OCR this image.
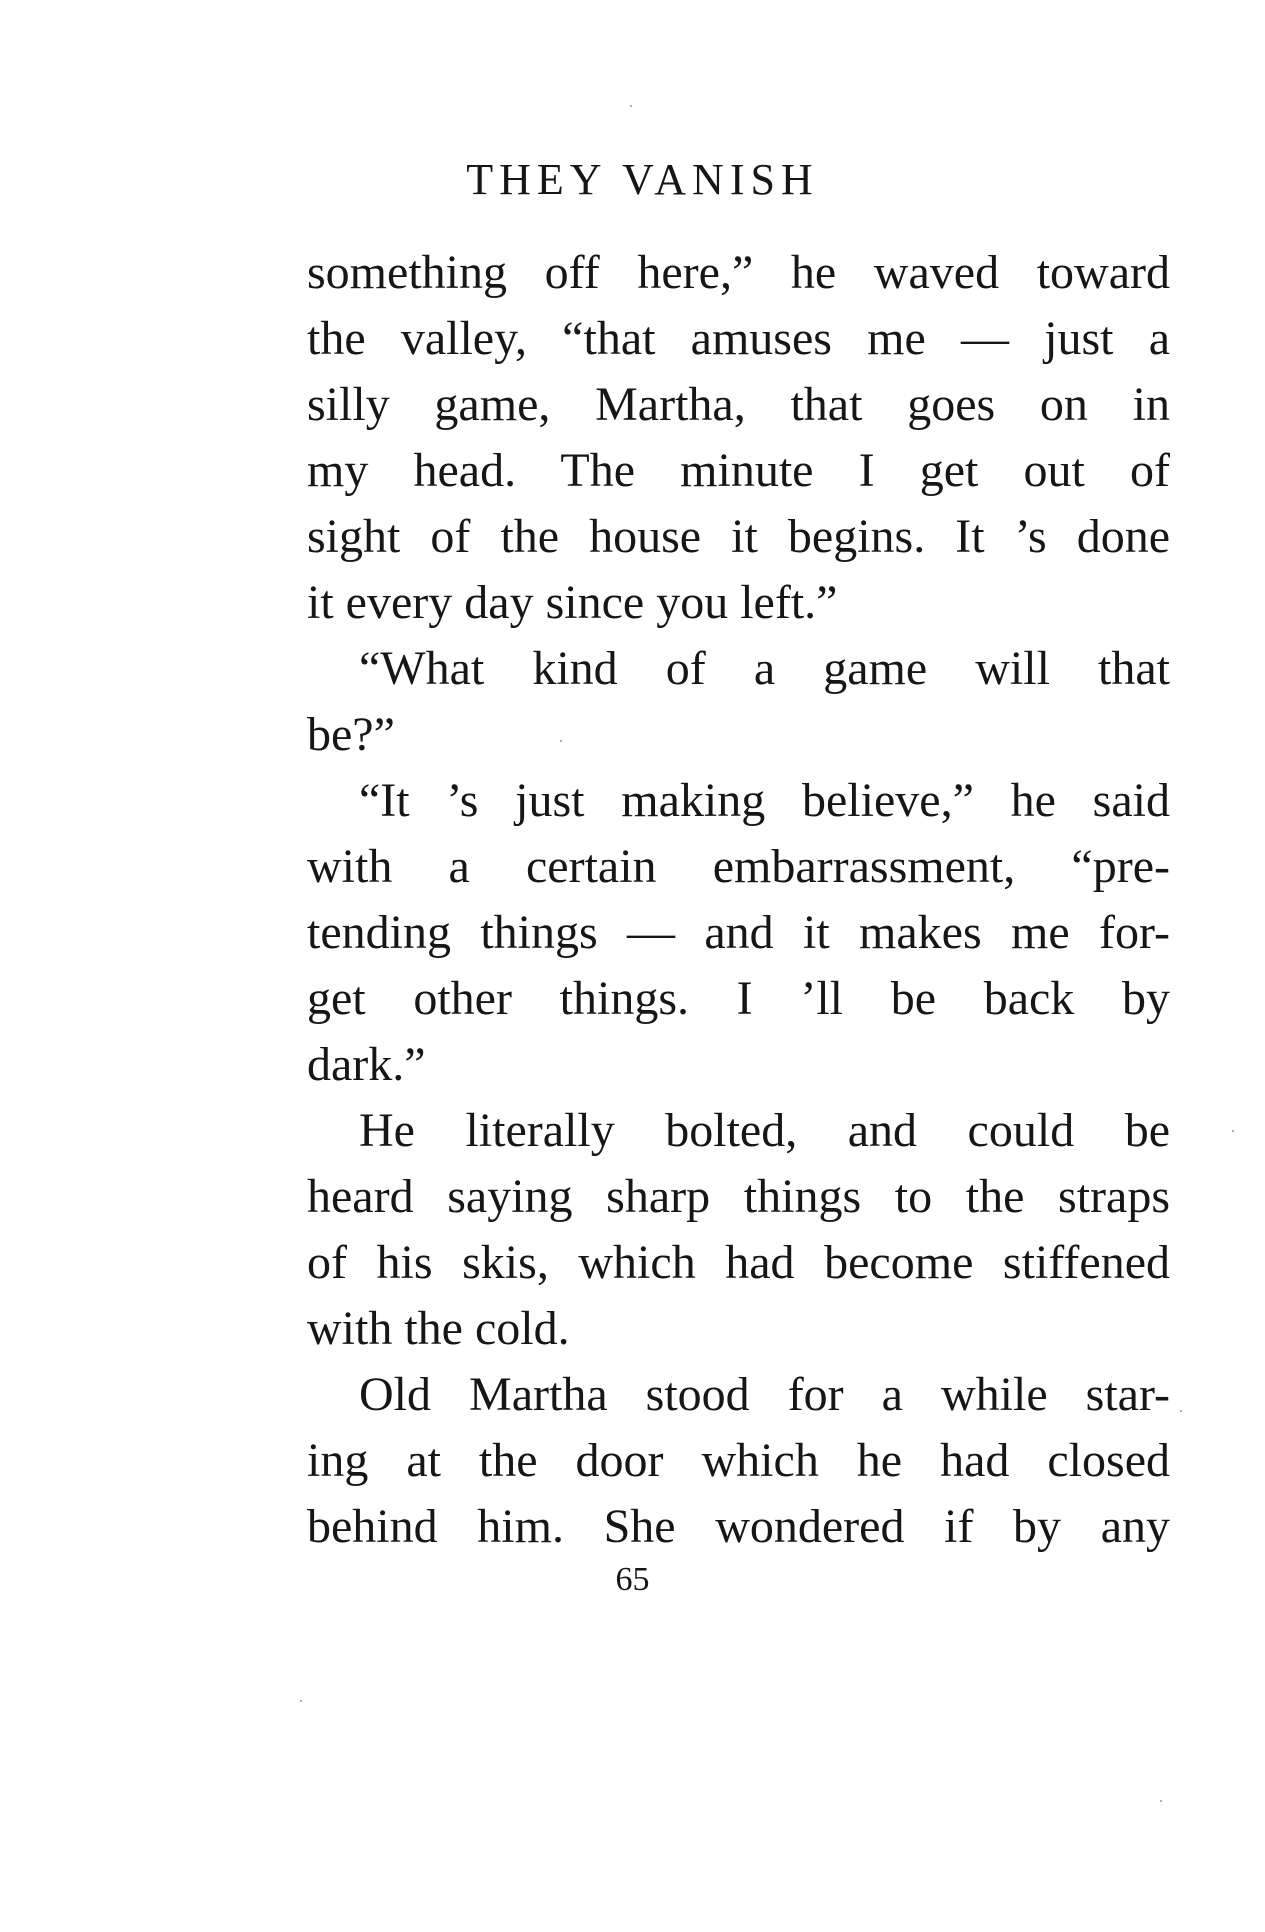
THEY VANISH
something off here,” he waved toward
the valley, “that amuses me — just a
silly game, Martha, that goes on in
my head. The minute I get out of
sight of the house it begins. It ’s done
it every day since you left.”
“What kind of a game will that
be?”
“It ’s just making believe,” he said
with a certain embarrassment, “pre-
tending things — and it makes me for-
get other things. I ’ll be back by
dark.”
He literally bolted, and could be
heard saying sharp things to the straps
of his skis, which had become stiffened
with the cold.
Old Martha stood for a while star-
ing at the door which he had closed
behind him. She wondered if by any
65
